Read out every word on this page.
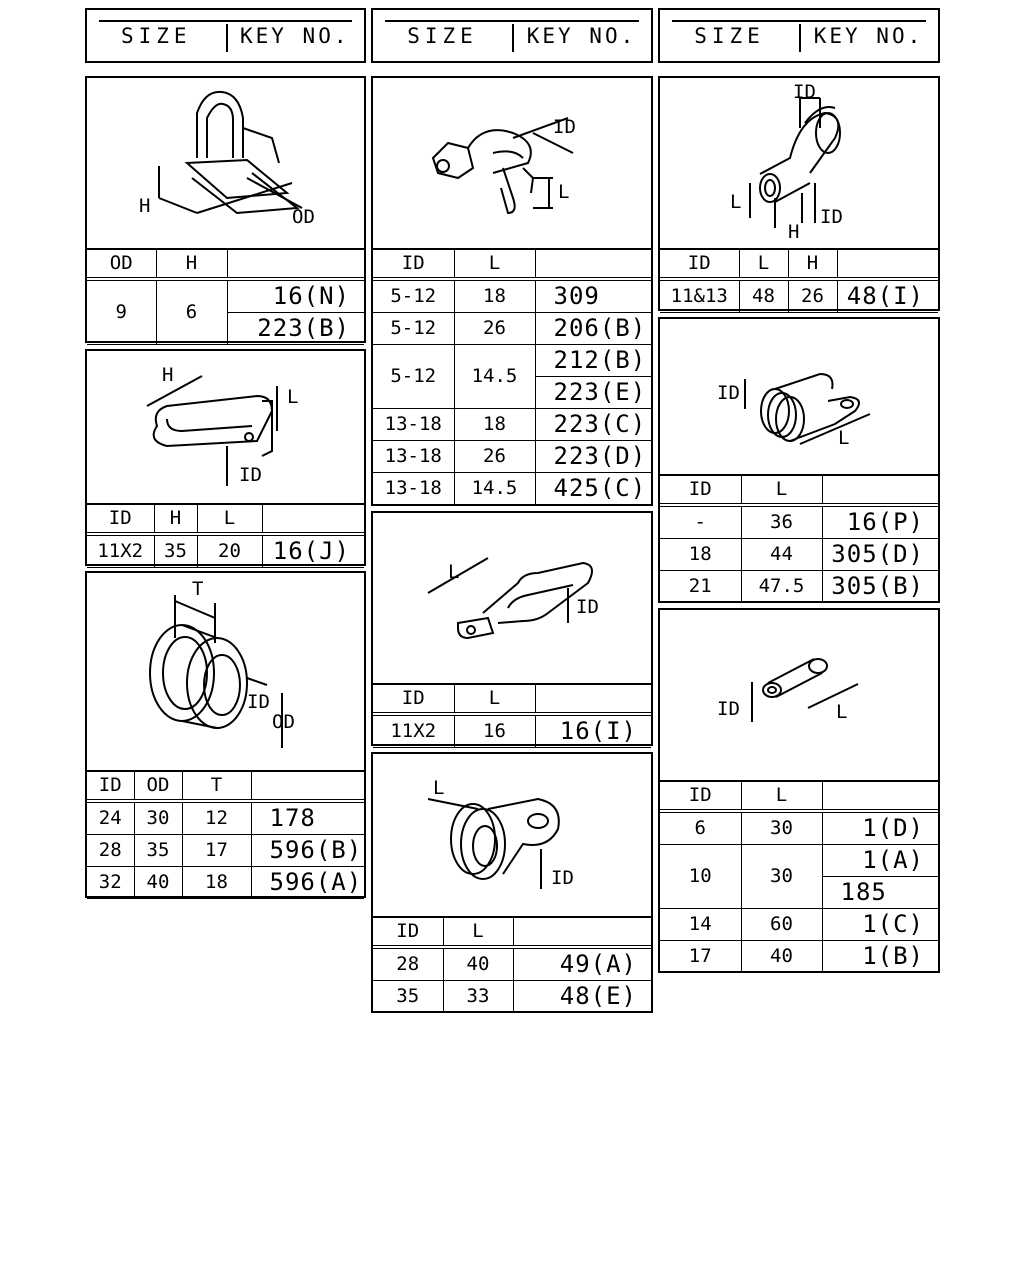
SIZE	KEY NO.	SIZE	KEY NO.	SIZE	KEY NO.
H	OD
OD	H	
9	6	16(N)
		223(B)
H
L
ID
ID	H	L	
11X2	35	20	16(J)
T
ID
OD
ID	OD	T	
24	30	12	178
28	35	17	596(B)
32	40	18	596(A)
ID
L
ID	L	
5-12	18	309
5-12	26	206(B)
5-12	14.5	212(B)
		223(E)
13-18	18	223(C)
13-18	26	223(D)
13-18	14.5	425(C)
L
ID
ID	L	
11X2	16	16(I)
L
ID
ID	L	
28	40	49(A)
35	33	48(E)
ID
L
H
ID
ID	L	H	
11&13	48	26	48(I)
ID
L
ID	L	
-	36	16(P)
18	44	305(D)
21	47.5	305(B)
ID	L
ID	L	
6	30	1(D)
10	30	1(A)
		185
14	60	1(C)
17	40	1(B)
